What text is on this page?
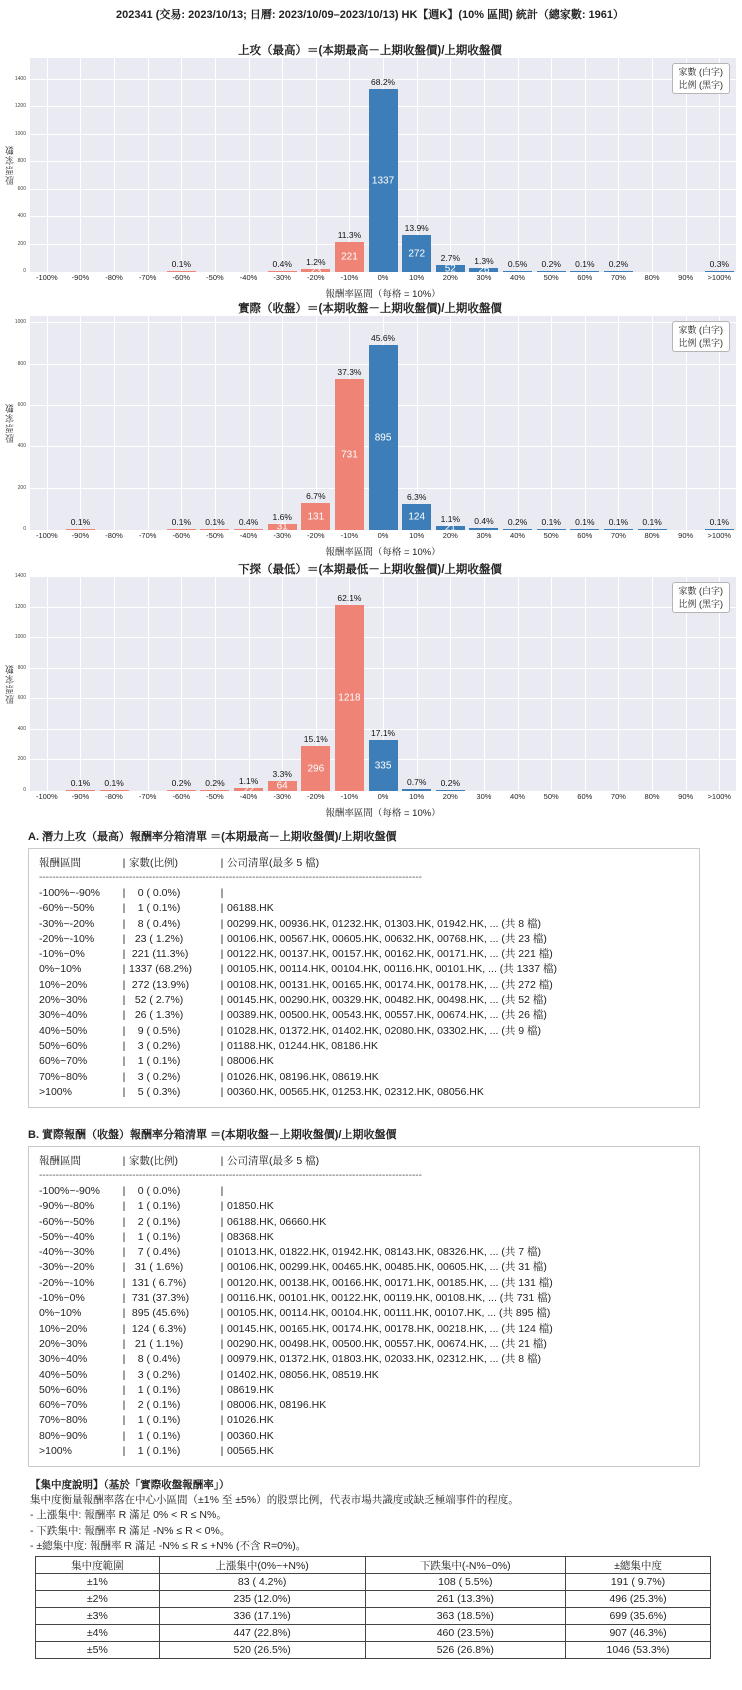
202341 (交易: 2023/10/13; 日曆: 2023/10/09–2023/10/13) HK【週K】(10% 區間) 統計（總家數: 1961）
上攻（最高）＝(本期最高－上期收盤價)/上期收盤價
股票家數
0
200
400
600
800
1000
1200
1400
0.1%	0.4%
23
1.2%	221
11.3%
1337
68.2%
272
13.9%
52
2.7%
26
1.3%	0.5%	0.2%	0.1%	0.2%	0.3%
家數 (白字)
比例 (黑字)
-100%	-90%	-80%	-70%	-60%	-50%	-40%	-30%	-20%	-10%	0%	10%	20%	30%	40%	50%	60%	70%	80%	90%	>100%
報酬率區間（每格 = 10%）
實際（收盤）＝(本期收盤－上期收盤價)/上期收盤價
股票家數
0
200
400
600
800
1000
0.1%	0.1%	0.1%	0.4%	31
1.6%	131
6.7%
731
37.3%
895
45.6%
124
6.3%
21
1.1%	0.4%	0.2%	0.1%	0.1%	0.1%	0.1%	0.1%
家數 (白字)
比例 (黑字)
-100%	-90%	-80%	-70%	-60%	-50%	-40%	-30%	-20%	-10%	0%	10%	20%	30%	40%	50%	60%	70%	80%	90%	>100%
報酬率區間（每格 = 10%）
下探（最低）＝(本期最低－上期收盤價)/上期收盤價
股票家數
0
200
400
600
800
1000
1200
1400
0.1%	0.1%	0.2%	0.2%
22
1.1%	64
3.3%	296
15.1%
1218
62.1%
335
17.1%
0.7%	0.2%
家數 (白字)
比例 (黑字)
-100%	-90%	-80%	-70%	-60%	-50%	-40%	-30%	-20%	-10%	0%	10%	20%	30%	40%	50%	60%	70%	80%	90%	>100%
報酬率區間（每格 = 10%）
A. 潛力上攻（最高）報酬率分箱清單 ＝(本期最高－上期收盤價)/上期收盤價
報酬區間	| 家數(比例)	| 公司清單(最多 5 檔)
-------------------------------------------------------------------------------------------------------------------
-100%~-90% |   0 ( 0.0%)	|
-60%~-50%	|   1 ( 0.1%)	| 06188.HK
-30%~-20%	|   8 ( 0.4%)	| 00299.HK, 00936.HK, 01232.HK, 01303.HK, 01942.HK, ... (共 8 檔)
-20%~-10%	|  23 ( 1.2%)	| 00106.HK, 00567.HK, 00605.HK, 00632.HK, 00768.HK, ... (共 23 檔)
-10%~0%	| 221 (11.3%)	| 00122.HK, 00137.HK, 00157.HK, 00162.HK, 00171.HK, ... (共 221 檔)
0%~10%	| 1337 (68.2%)	| 00105.HK, 00114.HK, 00104.HK, 00116.HK, 00101.HK, ... (共 1337 檔)
10%~20%	| 272 (13.9%)	| 00108.HK, 00131.HK, 00165.HK, 00174.HK, 00178.HK, ... (共 272 檔)
20%~30%	|  52 ( 2.7%)	| 00145.HK, 00290.HK, 00329.HK, 00482.HK, 00498.HK, ... (共 52 檔)
30%~40%	|  26 ( 1.3%)	| 00389.HK, 00500.HK, 00543.HK, 00557.HK, 00674.HK, ... (共 26 檔)
40%~50%	|   9 ( 0.5%)	| 01028.HK, 01372.HK, 01402.HK, 02080.HK, 03302.HK, ... (共 9 檔)
50%~60%	|   3 ( 0.2%)	| 01188.HK, 01244.HK, 08186.HK
60%~70%	|   1 ( 0.1%)	| 08006.HK
70%~80%	|   3 ( 0.2%)	| 01026.HK, 08196.HK, 08619.HK
>100%	|   5 ( 0.3%)	| 00360.HK, 00565.HK, 01253.HK, 02312.HK, 08056.HK
B. 實際報酬（收盤）報酬率分箱清單 ＝(本期收盤－上期收盤價)/上期收盤價
報酬區間	| 家數(比例)	| 公司清單(最多 5 檔)
-------------------------------------------------------------------------------------------------------------------
-100%~-90% |   0 ( 0.0%)	|
-90%~-80%	|   1 ( 0.1%)	| 01850.HK
-60%~-50%	|   2 ( 0.1%)	| 06188.HK, 06660.HK
-50%~-40%	|   1 ( 0.1%)	| 08368.HK
-40%~-30%	|   7 ( 0.4%)	| 01013.HK, 01822.HK, 01942.HK, 08143.HK, 08326.HK, ... (共 7 檔)
-30%~-20%	|  31 ( 1.6%)	| 00106.HK, 00299.HK, 00465.HK, 00485.HK, 00605.HK, ... (共 31 檔)
-20%~-10%	| 131 ( 6.7%)	| 00120.HK, 00138.HK, 00166.HK, 00171.HK, 00185.HK, ... (共 131 檔)
-10%~0%	| 731 (37.3%)	| 00116.HK, 00101.HK, 00122.HK, 00119.HK, 00108.HK, ... (共 731 檔)
0%~10%	| 895 (45.6%)	| 00105.HK, 00114.HK, 00104.HK, 00111.HK, 00107.HK, ... (共 895 檔)
10%~20%	| 124 ( 6.3%)	| 00145.HK, 00165.HK, 00174.HK, 00178.HK, 00218.HK, ... (共 124 檔)
20%~30%	|  21 ( 1.1%)	| 00290.HK, 00498.HK, 00500.HK, 00557.HK, 00674.HK, ... (共 21 檔)
30%~40%	|   8 ( 0.4%)	| 00979.HK, 01372.HK, 01803.HK, 02033.HK, 02312.HK, ... (共 8 檔)
40%~50%	|   3 ( 0.2%)	| 01402.HK, 08056.HK, 08519.HK
50%~60%	|   1 ( 0.1%)	| 08619.HK
60%~70%	|   2 ( 0.1%)	| 08006.HK, 08196.HK
70%~80%	|   1 ( 0.1%)	| 01026.HK
80%~90%	|   1 ( 0.1%)	| 00360.HK
>100%	|   1 ( 0.1%)	| 00565.HK
【集中度說明】（基於「實際收盤報酬率」）
集中度衡量報酬率落在中心小區間（±1% 至 ±5%）的股票比例，代表市場共識度或缺乏極端事件的程度。
- 上漲集中: 報酬率 R 滿足 0% < R ≤ N%。
- 下跌集中: 報酬率 R 滿足 -N% ≤ R < 0%。
- ±總集中度: 報酬率 R 滿足 -N% ≤ R ≤ +N% (不含 R=0%)。
集中度範圍	上漲集中(0%~+N%)	下跌集中(-N%~0%)	±總集中度
±1%	83 ( 4.2%)	108 ( 5.5%)	191 ( 9.7%)
±2%	235 (12.0%)	261 (13.3%)	496 (25.3%)
±3%	336 (17.1%)	363 (18.5%)	699 (35.6%)
±4%	447 (22.8%)	460 (23.5%)	907 (46.3%)
±5%	520 (26.5%)	526 (26.8%)	1046 (53.3%)
